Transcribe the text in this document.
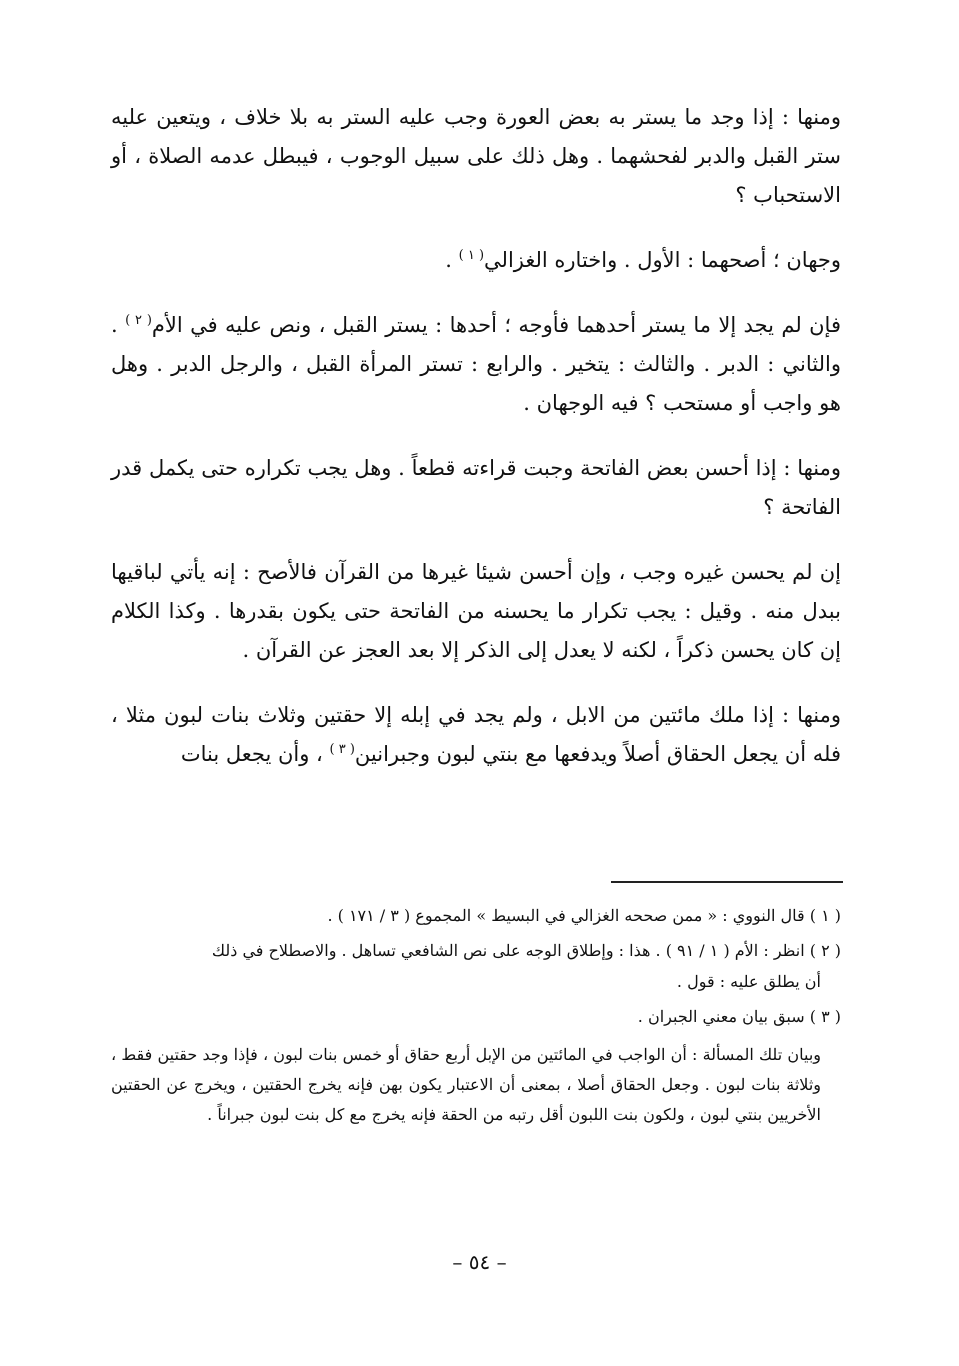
ومنها : إذا وجد ما يستر به بعض العورة وجب عليه الستر به بلا خلاف ، ويتعين عليه ستر القبل والدبر لفحشهما . وهل ذلك على سبيل الوجوب ، فيبطل عدمه الصلاة ، أو الاستحباب ؟

وجهان ؛ أصحهما : الأول . واختاره الغزالي$^{( ١ )}$ .

فإن لم يجد إلا ما يستر أحدهما فأوجه ؛ أحدها : يستر القبل ، ونص عليه في الأم$^{( ٢ )}$ . والثاني : الدبر . والثالث : يتخير . والرابع : تستر المرأة القبل ، والرجل الدبر . وهل هو واجب أو مستحب ؟ فيه الوجهان .

ومنها : إذا أحسن بعض الفاتحة وجبت قراءته قطعاً . وهل يجب تكراره حتى يكمل قدر الفاتحة ؟

إن لم يحسن غيره وجب ، وإن أحسن شيئا غيرها من القرآن فالأصح : إنه يأتي لباقيها ببدل منه . وقيل : يجب تكرار ما يحسنه من الفاتحة حتى يكون بقدرها . وكذا الكلام إن كان يحسن ذكراً ، لكنه لا يعدل إلى الذكر إلا بعد العجز عن القرآن .

ومنها : إذا ملك مائتين من الابل ، ولم يجد في إبله إلا حقتين وثلاث بنات لبون مثلا ، فله أن يجعل الحقاق أصلاً ويدفعها مع بنتي لبون وجبرانين$^{( ٣ )}$ ، وأن يجعل بنات

( ١ ) قال النووي : « ممن صححه الغزالي في البسيط » المجموع ( ٣ / ١٧١ ) .

( ٢ ) انظر : الأم ( ١ / ٩١ ) . هذا : وإطلاق الوجه على نص الشافعي تساهل . والاصطلاح في ذلك
أن يطلق عليه : قول .

( ٣ ) سبق بيان معني الجبران .

وبيان تلك المسألة : أن الواجب في المائتين من الإبل أربع حقاق أو خمس بنات لبون ، فإذا وجد حقتين فقط ، وثلاثة بنات لبون . وجعل الحقاق أصلا ، بمعنى أن الاعتبار يكون بهن فإنه يخرج الحقتين ، ويخرج عن الحقتين الأخريين بنتي لبون ، ولكون بنت اللبون أقل رتبه من الحقة فإنه يخرج مع كل بنت لبون جبراناً .

– ٥٤ –
